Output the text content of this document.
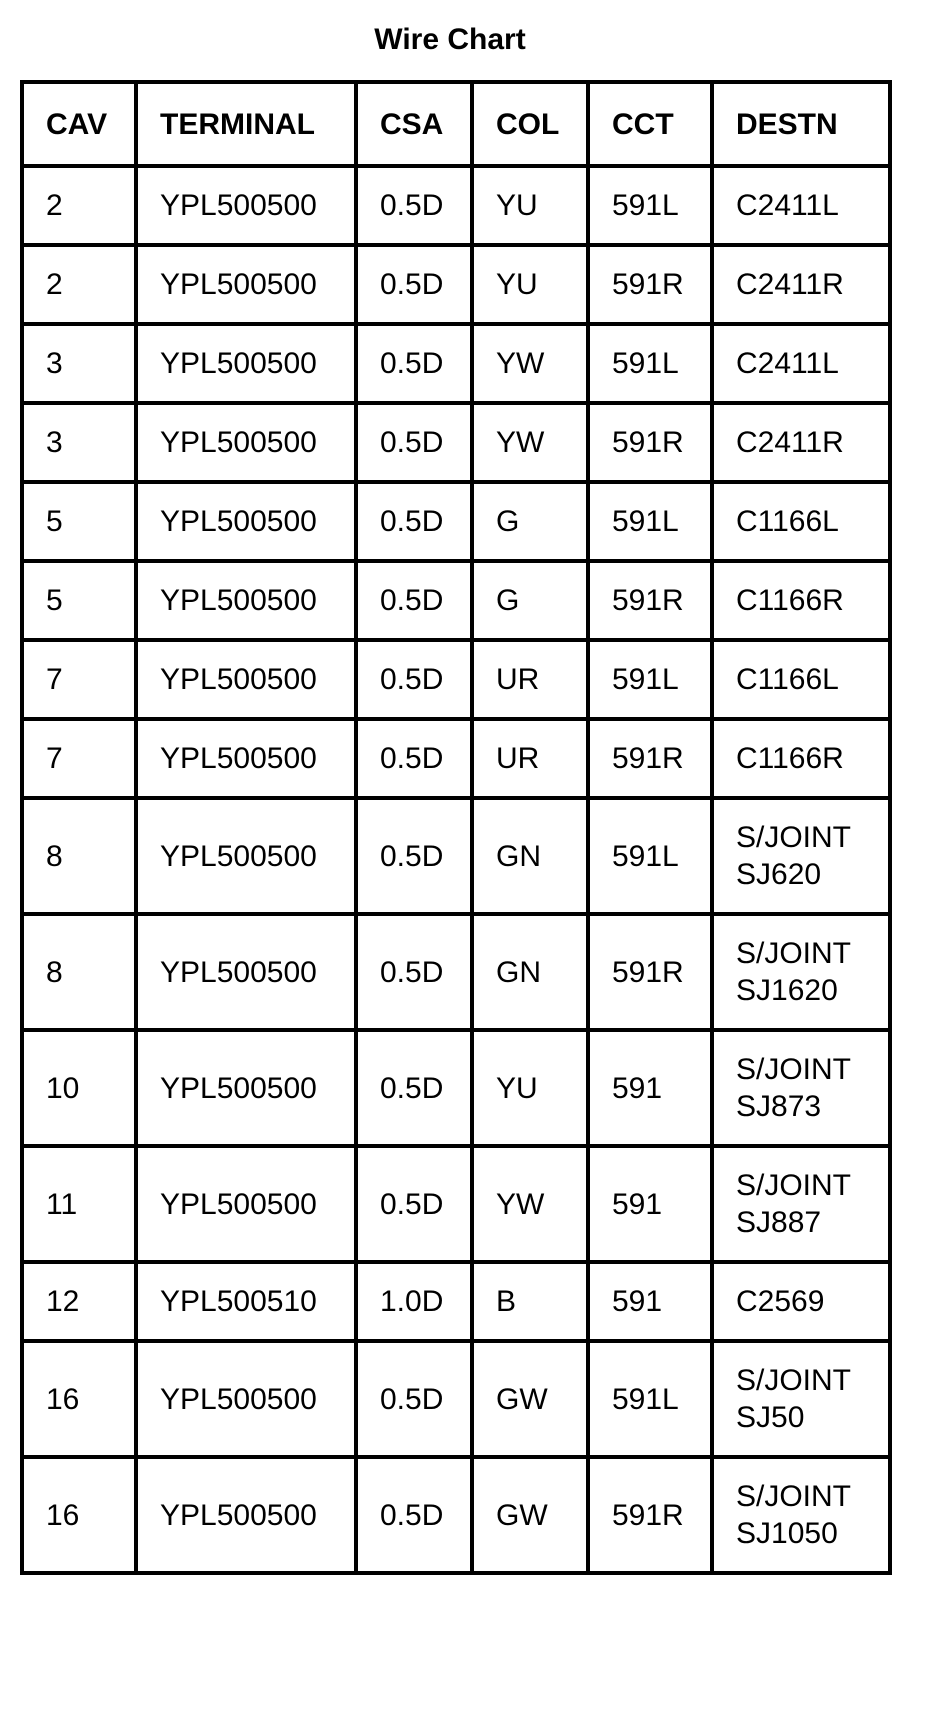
Wire Chart
CAV	TERMINAL	CSA	COL	CCT	DESTN
2	YPL500500	0.5D	YU	591L	C2411L

2	YPL500500	0.5D	YU	591R	C2411R

3	YPL500500	0.5D	YW	591L	C2411L

3	YPL500500	0.5D	YW	591R	C2411R

5	YPL500500	0.5D	G	591L	C1166L

5	YPL500500	0.5D	G	591R	C1166R

7	YPL500500	0.5D	UR	591L	C1166L

7	YPL500500	0.5D	UR	591R	C1166R

8	YPL500500	0.5D	GN	591L	S/JOINT
SJ620

8	YPL500500	0.5D	GN	591R	S/JOINT
SJ1620

10	YPL500500	0.5D	YU	591	S/JOINT
SJ873

11	YPL500500	0.5D	YW	591	S/JOINT
SJ887

12	YPL500510	1.0D	B	591	C2569

16	YPL500500	0.5D	GW	591L	S/JOINT
SJ50

16	YPL500500	0.5D	GW	591R	S/JOINT
SJ1050
